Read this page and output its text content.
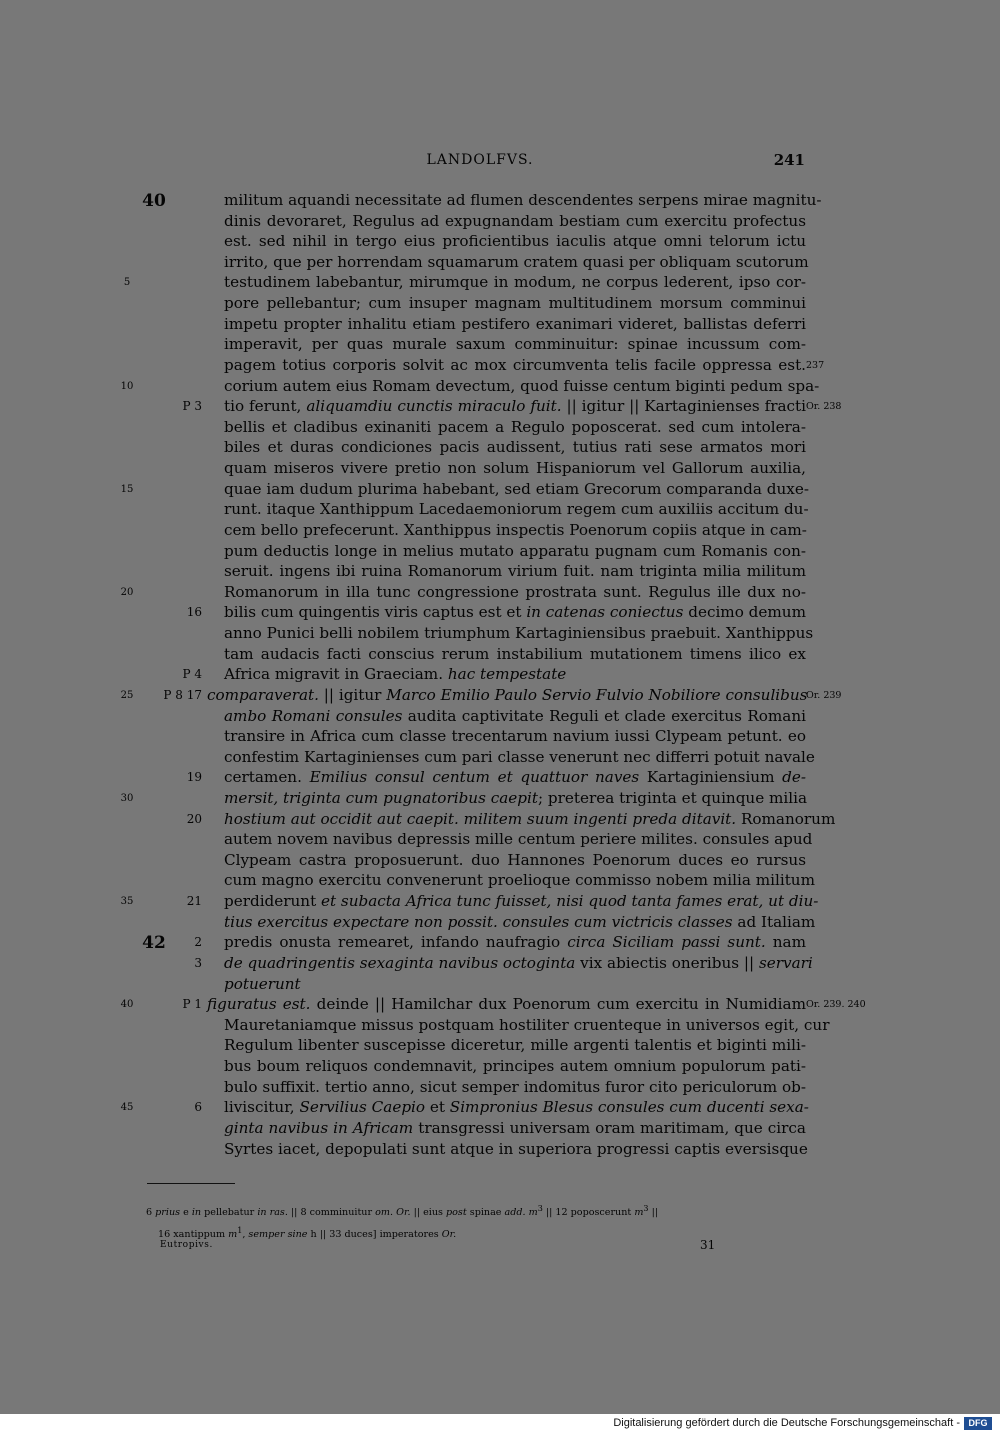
LANDOLFVS.	241
40	militum aquandi necessitate ad flumen descendentes serpens mirae magnitu-
dinis devoraret, Regulus ad expugnandam bestiam cum exercitu profectus
est. sed nihil in tergo eius proficientibus iaculis atque omni telorum ictu
irrito, que per horrendam squamarum cratem quasi per obliquam scutorum
5	testudinem labebantur, mirumque in modum, ne corpus lederent, ipso cor-
pore pellebantur; cum insuper magnam multitudinem morsum comminui
impetu propter inhalitu etiam pestifero exanimari videret, ballistas deferri
imperavit, per quas murale saxum comminuitur: spinae incussum com-
pagem totius corporis solvit ac mox circumventa telis facile oppressa est. 237
10	corium autem eius Romam devectum, quod fuisse centum biginti pedum spa-
P 3 tio ferunt, aliquamdiu cunctis miraculo fuit. || igitur || Kartaginienses fracti Or. 238
bellis et cladibus exinaniti pacem a Regulo poposcerat. sed cum intolera-
biles et duras condiciones pacis audissent, tutius rati sese armatos mori
quam miseros vivere pretio non solum Hispaniorum vel Gallorum auxilia,
15	quae iam dudum plurima habebant, sed etiam Grecorum comparanda duxe-
runt. itaque Xanthippum Lacedaemoniorum regem cum auxiliis accitum du-
cem bello prefecerunt. Xanthippus inspectis Poenorum copiis atque in cam-
pum deductis longe in melius mutato apparatu pugnam cum Romanis con-
seruit. ingens ibi ruina Romanorum virium fuit. nam triginta milia militum
20	Romanorum in illa tunc congressione prostrata sunt. Regulus ille dux no-
16 bilis cum quingentis viris captus est et in catenas coniectus decimo demum
anno Punici belli nobilem triumphum Kartaginiensibus praebuit. Xanthippus
tam audacis facti conscius rerum instabilium mutationem timens ilico ex
P 4 Africa migravit in Graeciam. hac tempestate
25	P 8 17 comparaverat. || igitur Marco Emilio Paulo Servio Fulvio Nobiliore consulibus
Or. 239
ambo Romani consules audita captivitate Reguli et clade exercitus Romani
transire in Africa cum classe trecentarum navium iussi Clypeam petunt. eo
confestim Kartaginienses cum pari classe venerunt nec differri potuit navale
19 certamen. Emilius consul centum et quattuor naves Kartaginiensium de-
30	mersit, triginta cum pugnatoribus caepit; preterea triginta et quinque milia
20 hostium aut occidit aut caepit. militem suum ingenti preda ditavit. Romanorum
autem novem navibus depressis mille centum periere milites. consules apud
Clypeam castra proposuerunt. duo Hannones Poenorum duces eo rursus
cum magno exercitu convenerunt proelioque commisso nobem milia militum
35	21 perdiderunt et subacta Africa tunc fuisset, nisi quod tanta fames erat, ut diu-
tius exercitus expectare non possit. consules cum victricis classes ad Italiam
42	2 predis onusta remearet, infando naufragio circa Siciliam passi sunt. nam
3 de quadringentis sexaginta navibus octoginta vix abiectis oneribus || servari
potuerunt
40	P 1 figuratus est. deinde || Hamilchar dux Poenorum cum exercitu in Numidiam Or. 239. 240
Mauretaniamque missus postquam hostiliter cruenteque in universos egit, cur
Regulum libenter suscepisse diceretur, mille argenti talentis et biginti mili-
bus boum reliquos condemnavit, principes autem omnium populorum pati-
bulo suffixit. tertio anno, sicut semper indomitus furor cito periculorum ob-
45	6 liviscitur, Servilius Caepio et Simpronius Blesus consules cum ducenti sexa-
ginta navibus in Africam transgressi universam oram maritimam, que circa
Syrtes iacet, depopulati sunt atque in superiora progressi captis eversisque
6 prius e in pellebatur in ras. || 8 comminuitur om. Or. || eius post spinae add. $m^3$ || 12 poposcerunt $m^3$ ||
16 xantippum $m^1$, semper sine h || 33 duces] imperatores Or.
Eutropivs.	31
Digitalisierung gefördert durch die Deutsche Forschungsgemeinschaft - DFG
